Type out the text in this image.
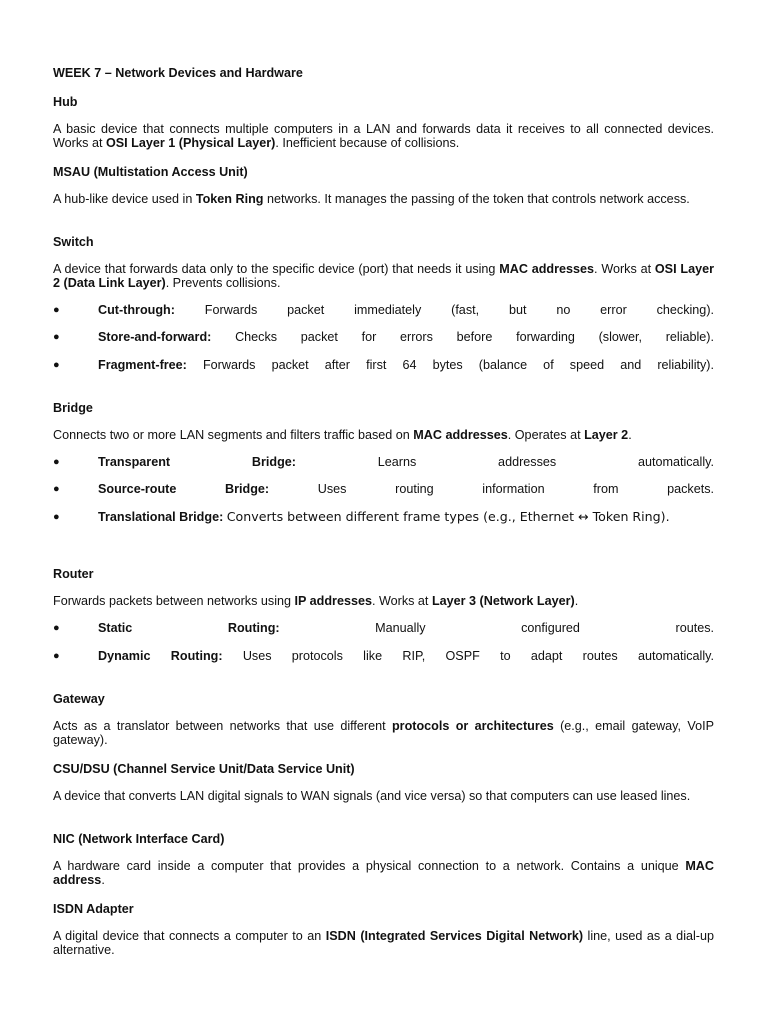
WEEK 7 – Network Devices and Hardware
Hub

A basic device that connects multiple computers in a LAN and forwards data it receives to all connected devices. Works at OSI Layer 1 (Physical Layer). Inefficient because of collisions.

MSAU (Multistation Access Unit)

A hub-like device used in Token Ring networks. It manages the passing of the token that controls network access.

Switch

A device that forwards data only to the specific device (port) that needs it using MAC addresses. Works at OSI Layer 2 (Data Link Layer). Prevents collisions.

●	Cut-through: Forwards packet immediately (fast, but no error checking).
●	Store-and-forward: Checks packet for errors before forwarding (slower, reliable).
●	Fragment-free: Forwards packet after first 64 bytes (balance of speed and reliability).
Bridge

Connects two or more LAN segments and filters traffic based on MAC addresses. Operates at Layer 2.

●	Transparent Bridge:	Learns addresses automatically.
●	Source-route Bridge:	Uses routing information from packets.
●	Translational Bridge: Converts between different frame types (e.g., Ethernet ↔ Token Ring).
Router

Forwards packets between networks using IP addresses. Works at Layer 3 (Network Layer).

●	Static Routing:	Manually configured routes.
●	Dynamic Routing: Uses protocols like RIP, OSPF to adapt routes automatically.
Gateway

Acts as a translator between networks that use different protocols or architectures (e.g., email gateway, VoIP gateway).

CSU/DSU (Channel Service Unit/Data Service Unit)

A device that converts LAN digital signals to WAN signals (and vice versa) so that computers can use leased lines.

NIC (Network Interface Card)

A hardware card inside a computer that provides a physical connection to a network. Contains a unique MAC address.

ISDN Adapter

A digital device that connects a computer to an ISDN (Integrated Services Digital Network) line, used as a dial-up alternative.
